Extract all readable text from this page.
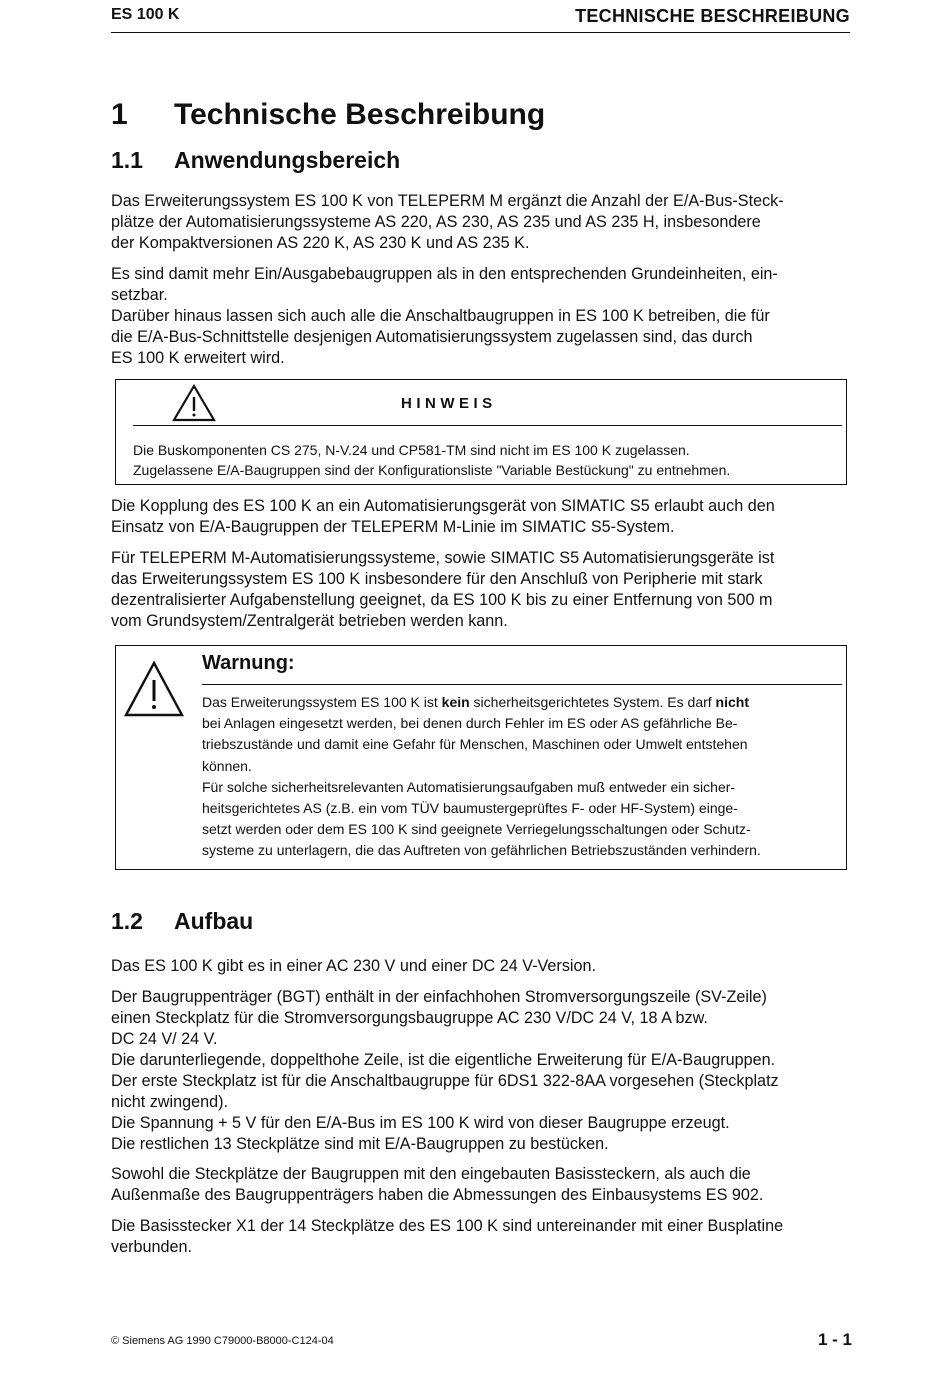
ES 100 K	TECHNISCHE BESCHREIBUNG
1 Technische Beschreibung
1.1 Anwendungsbereich

Das Erweiterungssystem ES 100 K von TELEPERM M ergänzt die Anzahl der E/A-Bus-Steck-

plätze der Automatisierungssysteme AS 220, AS 230, AS 235 und AS 235 H, insbesondere

der Kompaktversionen AS 220 K, AS 230 K und AS 235 K.

Es sind damit mehr Ein/Ausgabebaugruppen als in den entsprechenden Grundeinheiten, ein-

setzbar.

Darüber hinaus lassen sich auch alle die Anschaltbaugruppen in ES 100 K betreiben, die für

die E/A-Bus-Schnittstelle desjenigen Automatisierungssystem zugelassen sind, das durch

ES 100 K erweitert wird.

HINWEIS

Die Buskomponenten CS 275, N-V.24 und CP581-TM sind nicht im ES 100 K zugelassen.

Zugelassene E/A-Baugruppen sind der Konfigurationsliste "Variable Bestückung" zu entnehmen.

Die Kopplung des ES 100 K an ein Automatisierungsgerät von SIMATIC S5 erlaubt auch den

Einsatz von E/A-Baugruppen der TELEPERM M-Linie im SIMATIC S5-System.

Für TELEPERM M-Automatisierungssysteme, sowie SIMATIC S5 Automatisierungsgeräte ist

das Erweiterungssystem ES 100 K insbesondere für den Anschluß von Peripherie mit stark

dezentralisierter Aufgabenstellung geeignet, da ES 100 K bis zu einer Entfernung von 500 m

vom Grundsystem/Zentralgerät betrieben werden kann.

Warnung:

Das Erweiterungssystem ES 100 K ist kein sicherheitsgerichtetes System. Es darf nicht

bei Anlagen eingesetzt werden, bei denen durch Fehler im ES oder AS gefährliche Be-

triebszustände und damit eine Gefahr für Menschen, Maschinen oder Umwelt entstehen

können.

Für solche sicherheitsrelevanten Automatisierungsaufgaben muß entweder ein sicher-

heitsgerichtetes AS (z.B. ein vom TÜV baumustergeprüftes F- oder HF-System) einge-

setzt werden oder dem ES 100 K sind geeignete Verriegelungsschaltungen oder Schutz-

systeme zu unterlagern, die das Auftreten von gefährlichen Betriebszuständen verhindern.

1.2 Aufbau

Das ES 100 K gibt es in einer AC 230 V und einer DC 24 V-Version.

Der Baugruppenträger (BGT) enthält in der einfachhohen Stromversorgungszeile (SV-Zeile)

einen Steckplatz für die Stromversorgungsbaugruppe AC 230 V/DC 24 V, 18 A bzw.

DC 24 V/ 24 V.

Die darunterliegende, doppelthohe Zeile, ist die eigentliche Erweiterung für E/A-Baugruppen.

Der erste Steckplatz ist für die Anschaltbaugruppe für 6DS1 322-8AA vorgesehen (Steckplatz

nicht zwingend).

Die Spannung + 5 V für den E/A-Bus im ES 100 K wird von dieser Baugruppe erzeugt.

Die restlichen 13 Steckplätze sind mit E/A-Baugruppen zu bestücken.

Sowohl die Steckplätze der Baugruppen mit den eingebauten Basissteckern, als auch die

Außenmaße des Baugruppenträgers haben die Abmessungen des Einbausystems ES 902.

Die Basisstecker X1 der 14 Steckplätze des ES 100 K sind untereinander mit einer Busplatine

verbunden.

© Siemens AG 1990 C79000-B8000-C124-04	1 - 1
